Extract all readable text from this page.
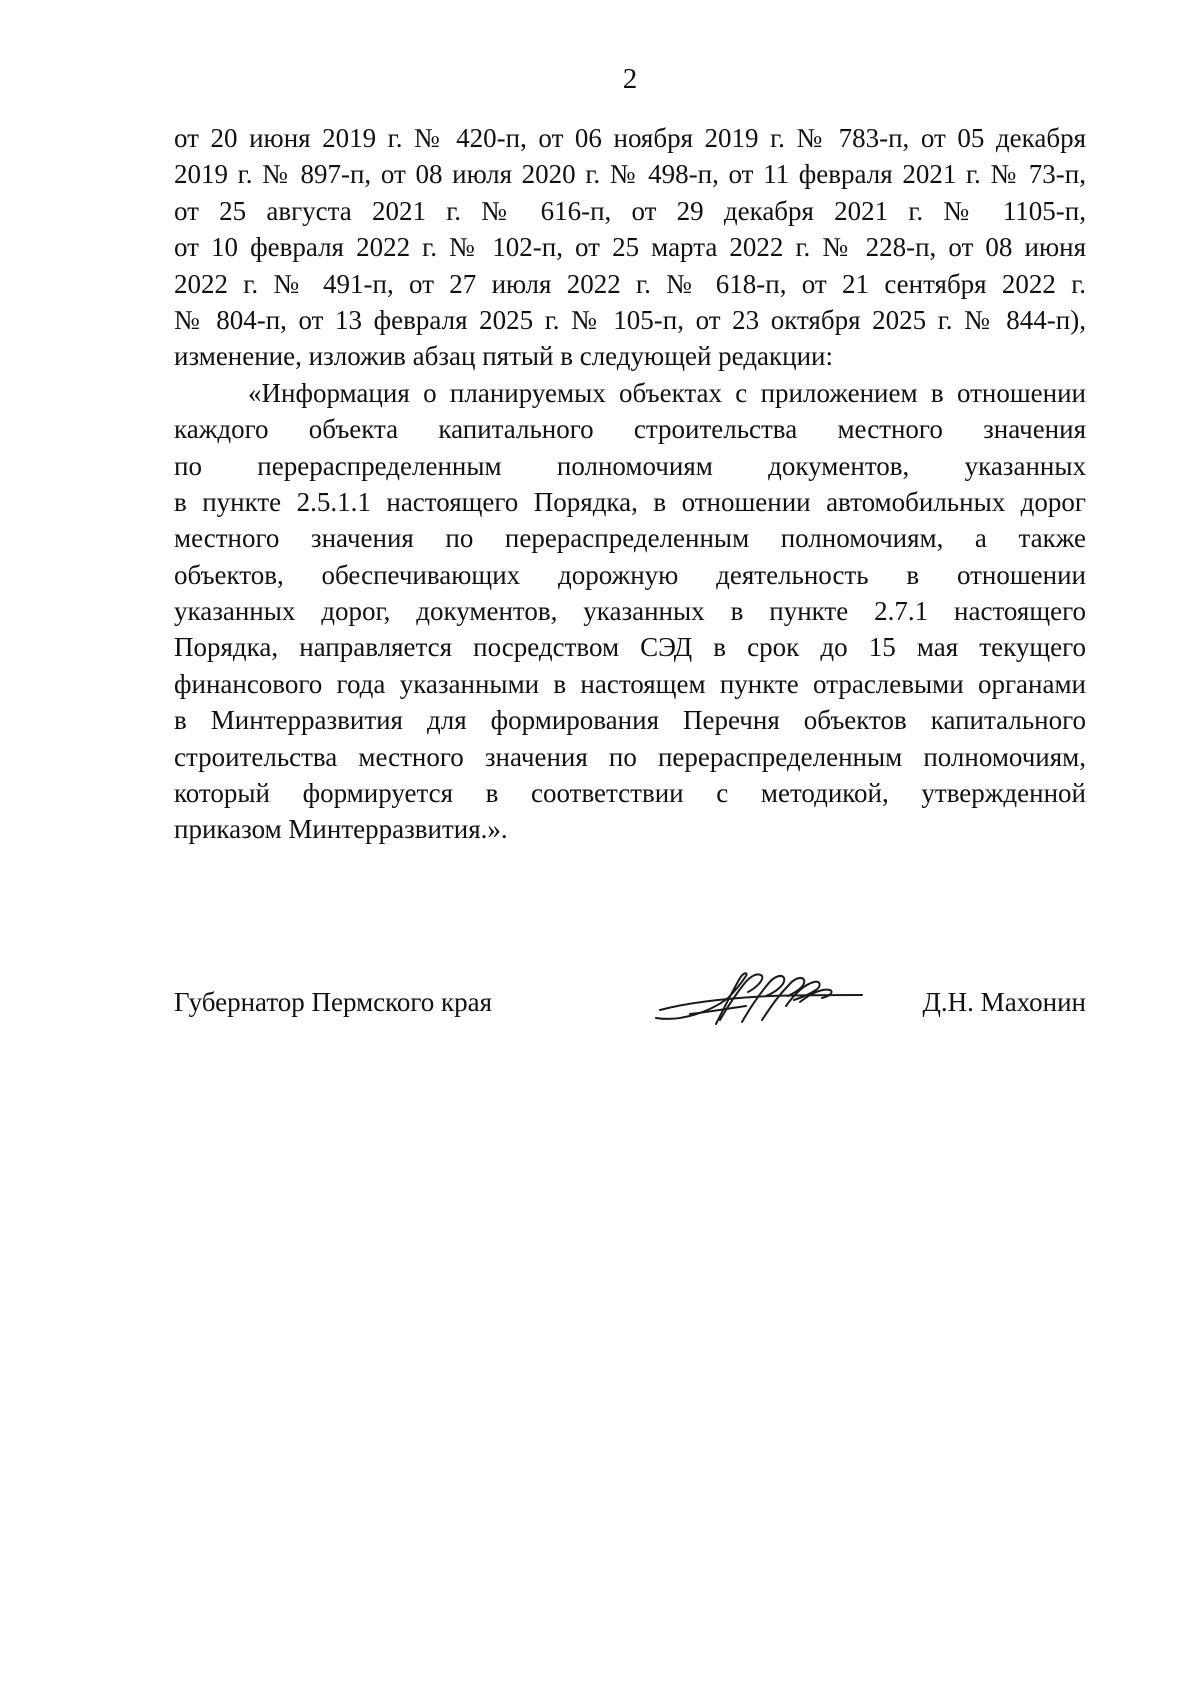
2
от 20 июня 2019 г. № 420-п, от 06 ноября 2019 г. № 783-п, от 05 декабря
2019 г. № 897-п, от 08 июля 2020 г. № 498-п, от 11 февраля 2021 г. № 73-п,
от 25 августа 2021 г. № 616-п, от 29 декабря 2021 г. № 1105-п,
от 10 февраля 2022 г. № 102-п, от 25 марта 2022 г. № 228-п, от 08 июня
2022 г. № 491-п, от 27 июля 2022 г. № 618-п, от 21 сентября 2022 г.
№ 804-п, от 13 февраля 2025 г. № 105-п, от 23 октября 2025 г. № 844-п),
изменение, изложив абзац пятый в следующей редакции:
«Информация о планируемых объектах с приложением в отношении
каждого объекта капитального строительства местного значения
по перераспределенным полномочиям документов, указанных
в пункте 2.5.1.1 настоящего Порядка, в отношении автомобильных дорог
местного значения по перераспределенным полномочиям, а также
объектов, обеспечивающих дорожную деятельность в отношении
указанных дорог, документов, указанных в пункте 2.7.1 настоящего
Порядка, направляется посредством СЭД в срок до 15 мая текущего
финансового года указанными в настоящем пункте отраслевыми органами
в Минтерразвития для формирования Перечня объектов капитального
строительства местного значения по перераспределенным полномочиям,
который формируется в соответствии с методикой, утвержденной
приказом Минтерразвития.».
Губернатор Пермского края	Д.Н. Махонин
